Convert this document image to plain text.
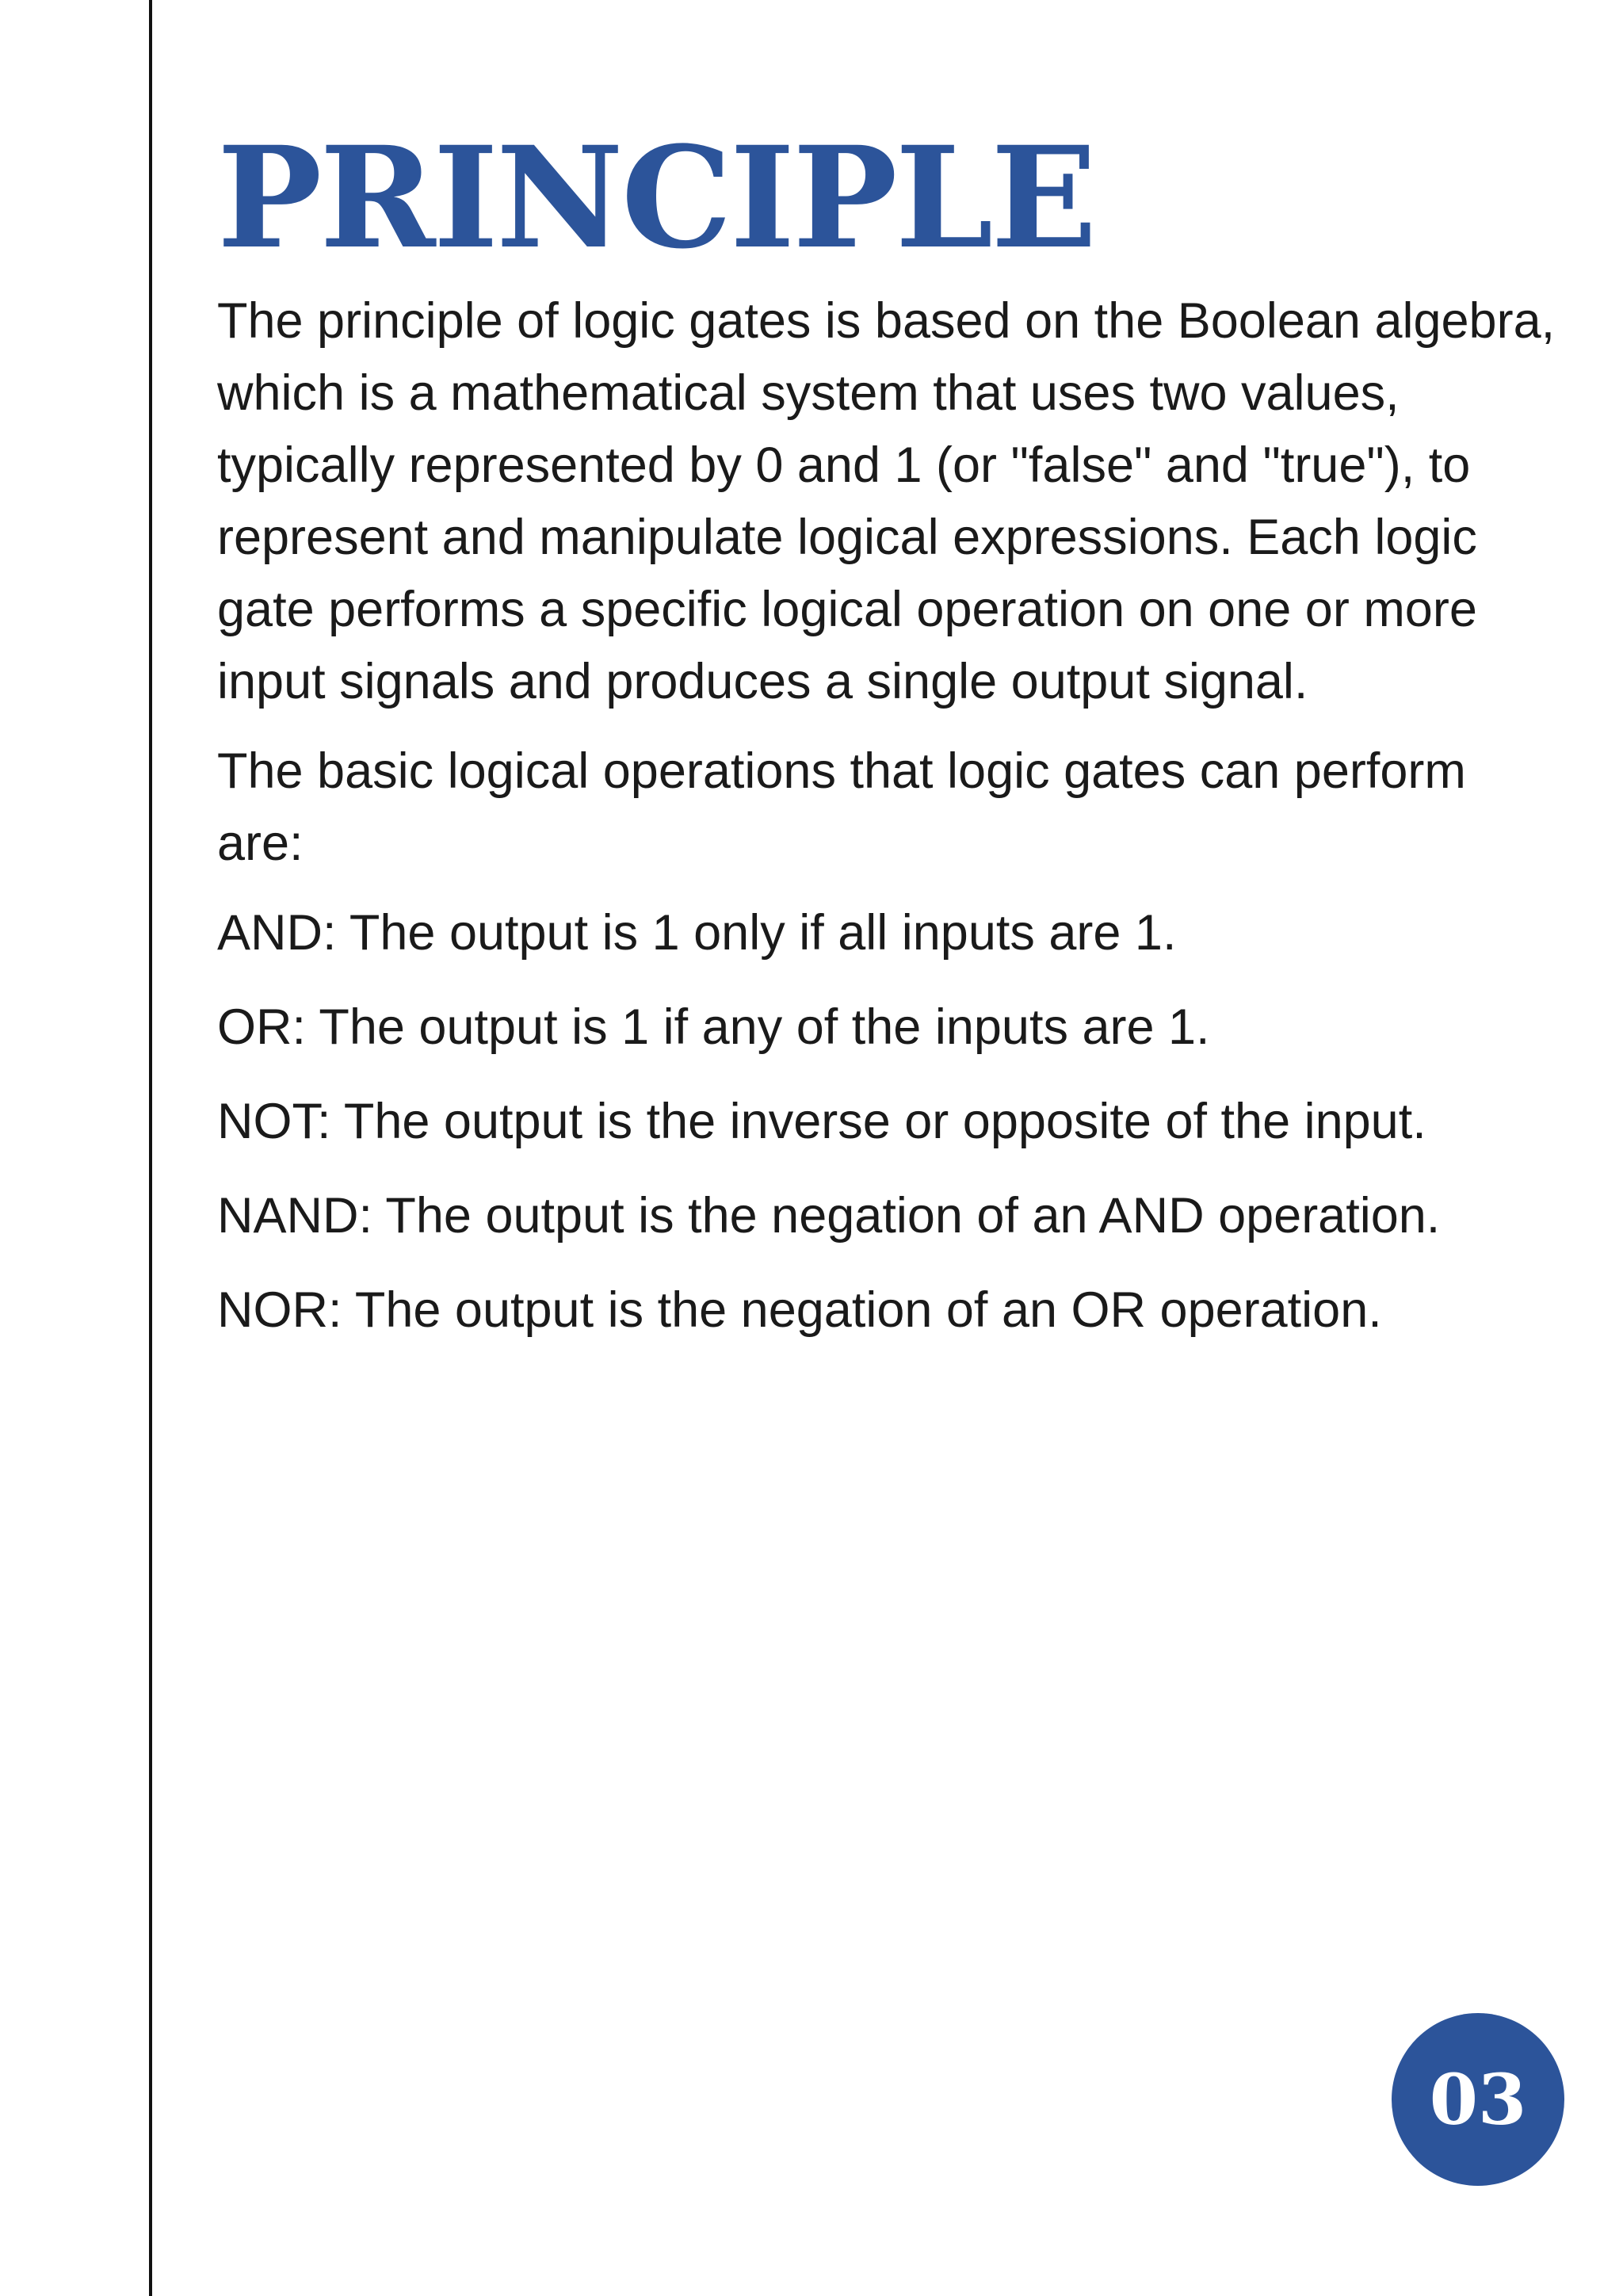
PRINCIPLE

The principle of logic gates is based on the Boolean algebra, which is a mathematical system that uses two values, typically represented by 0 and 1 (or "false" and "true"), to represent and manipulate logical expressions. Each logic gate performs a specific logical operation on one or more input signals and produces a single output signal.

The basic logical operations that logic gates can perform are:

AND: The output is 1 only if all inputs are 1.
OR: The output is 1 if any of the inputs are 1.
NOT: The output is the inverse or opposite of the input.
NAND: The output is the negation of an AND operation.
NOR: The output is the negation of an OR operation.
03
